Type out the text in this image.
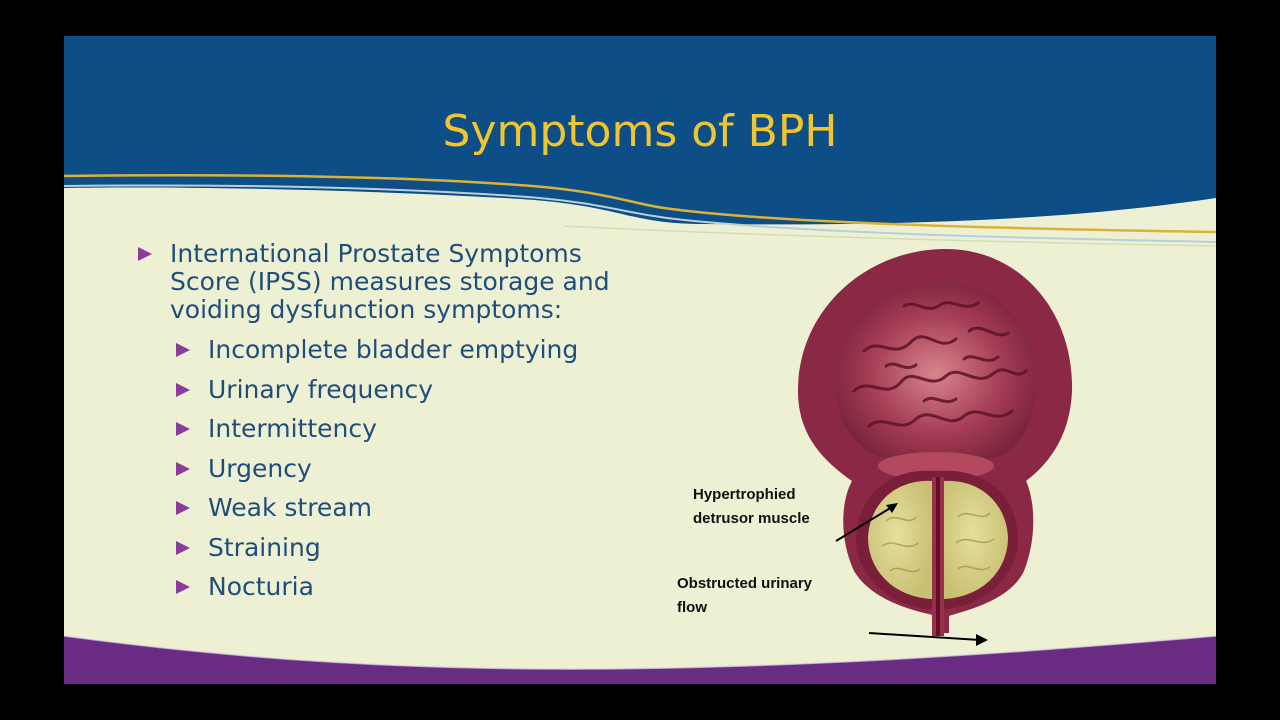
Symptoms of BPH
International Prostate Symptoms Score (IPSS) measures storage and voiding dysfunction symptoms:
Incomplete bladder emptying
Urinary frequency
Intermittency
Urgency
Weak stream
Straining
Nocturia
Hypertrophied
detrusor muscle
Obstructed urinary
flow
